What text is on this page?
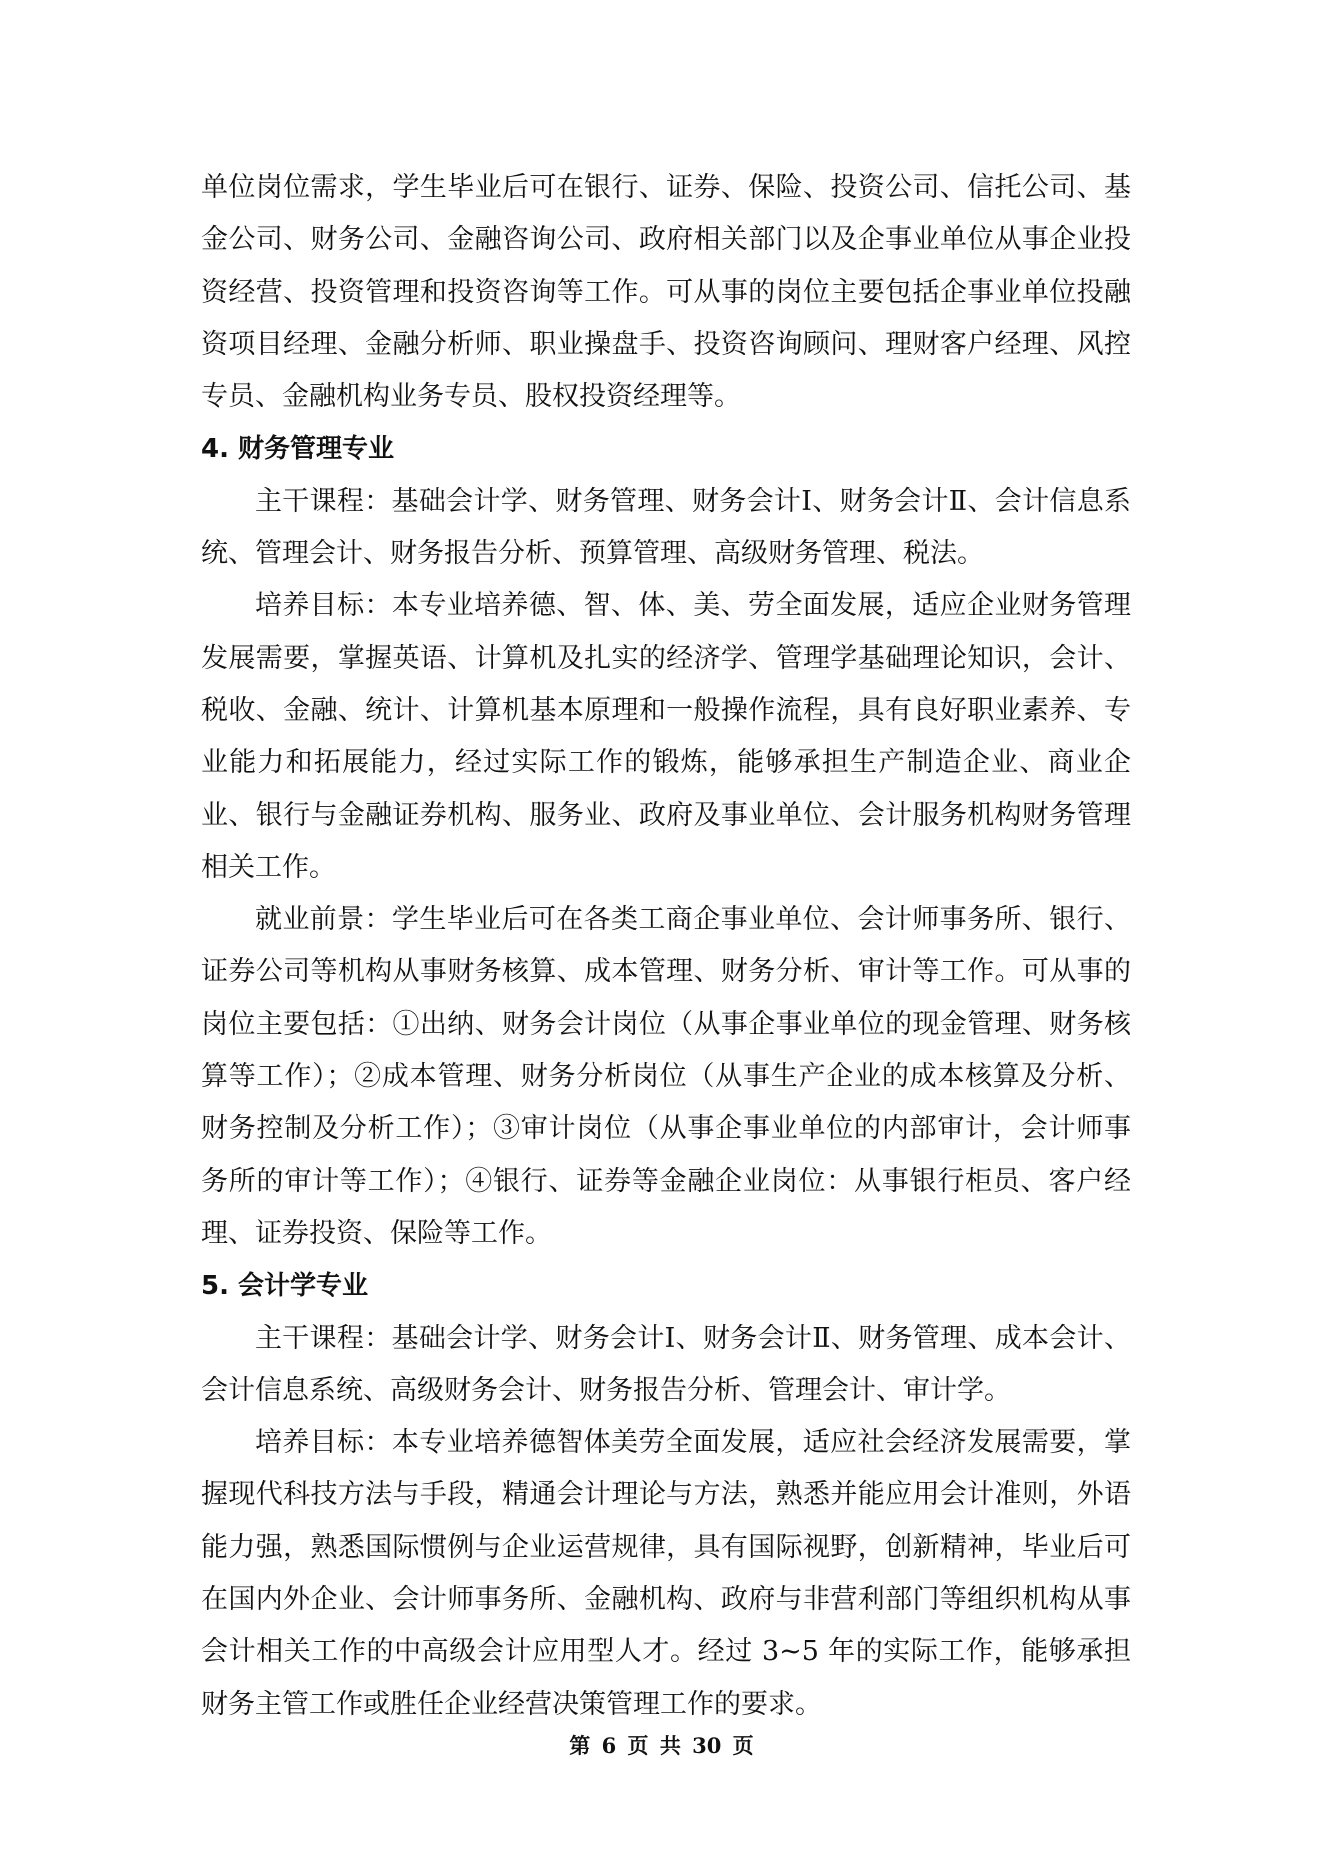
单位岗位需求，学生毕业后可在银行、证券、保险、投资公司、信托公司、基金公司、财务公司、金融咨询公司、政府相关部门以及企事业单位从事企业投资经营、投资管理和投资咨询等工作。可从事的岗位主要包括企事业单位投融资项目经理、金融分析师、职业操盘手、投资咨询顾问、理财客户经理、风控专员、金融机构业务专员、股权投资经理等。

4. 财务管理专业

主干课程：基础会计学、财务管理、财务会计Ⅰ、财务会计Ⅱ、会计信息系统、管理会计、财务报告分析、预算管理、高级财务管理、税法。

培养目标：本专业培养德、智、体、美、劳全面发展，适应企业财务管理发展需要，掌握英语、计算机及扎实的经济学、管理学基础理论知识，会计、税收、金融、统计、计算机基本原理和一般操作流程，具有良好职业素养、专业能力和拓展能力，经过实际工作的锻炼，能够承担生产制造企业、商业企业、银行与金融证券机构、服务业、政府及事业单位、会计服务机构财务管理相关工作。

就业前景：学生毕业后可在各类工商企事业单位、会计师事务所、银行、证券公司等机构从事财务核算、成本管理、财务分析、审计等工作。可从事的岗位主要包括：①出纳、财务会计岗位（从事企事业单位的现金管理、财务核算等工作）；②成本管理、财务分析岗位（从事生产企业的成本核算及分析、财务控制及分析工作）；③审计岗位（从事企事业单位的内部审计，会计师事务所的审计等工作）；④银行、证券等金融企业岗位：从事银行柜员、客户经理、证券投资、保险等工作。

5. 会计学专业

主干课程：基础会计学、财务会计Ⅰ、财务会计Ⅱ、财务管理、成本会计、会计信息系统、高级财务会计、财务报告分析、管理会计、审计学。

培养目标：本专业培养德智体美劳全面发展，适应社会经济发展需要，掌握现代科技方法与手段，精通会计理论与方法，熟悉并能应用会计准则，外语能力强，熟悉国际惯例与企业运营规律，具有国际视野，创新精神，毕业后可在国内外企业、会计师事务所、金融机构、政府与非营利部门等组织机构从事会计相关工作的中高级会计应用型人才。经过 3~5 年的实际工作，能够承担财务主管工作或胜任企业经营决策管理工作的要求。

第 6 页 共 30 页
